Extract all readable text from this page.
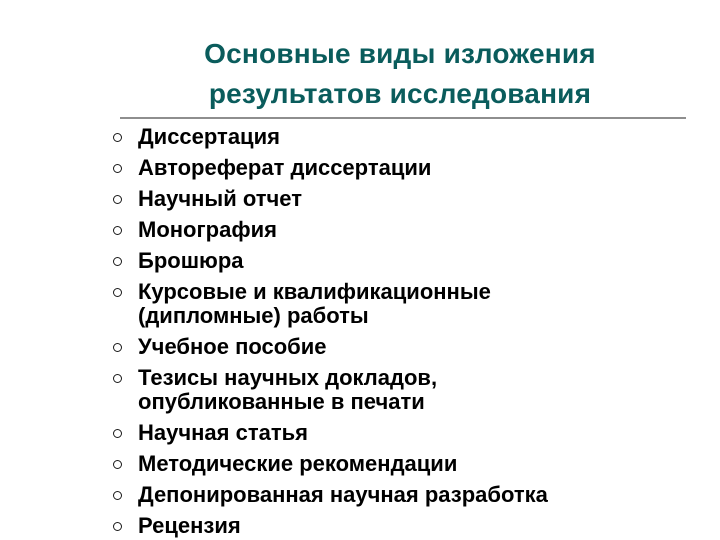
Основные виды изложения
результатов исследования
Диссертация
Автореферат диссертации
Научный отчет
Монография
Брошюра
Курсовые и квалификационные
(дипломные) работы
Учебное пособие
Тезисы научных докладов,
опубликованные в печати
Научная статья
Методические рекомендации
Депонированная научная разработка
Рецензия
